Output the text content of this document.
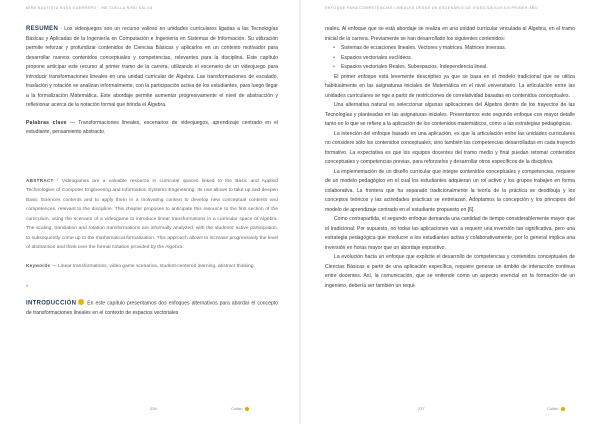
MIRE BAUTISTA SILVA GUERRERO · INE ZUELLA NIÑO SALOA

RESUMEN · Los videojuegos son un recurso valioso en unidades curriculares ligadas a las Tecnologías Básicas y Aplicadas de la Ingeniería en Computación e Ingeniería en Sistemas de Información. Su utilización permite reforzar y profundizar contenidos de Ciencias Básicas y aplicarlos en un contexto motivador para desarrollar nuevos contenidos conceptuales y competencias, relevantes para la disciplina. Este capítulo propone anticipar este recurso al primer tramo de la carrera, utilizando el escenario de un videojuego para introducir transformaciones lineales en una unidad curricular de Álgebra. Las transformaciones de escalado, traslación y rotación se analizan informalmente, con la participación activa de los estudiantes, para luego llegar a la formalización Matemática. Este abordaje permite aumentar progresivamente el nivel de abstracción y reflexionar acerca de la notación formal que brinda el Álgebra.

Palabras clave — Transformaciones lineales, escenarios de videojuegos, aprendizaje centrado en el estudiante, pensamiento abstracto.

ABSTRACT · Videogames are a valuable resource in curricular spaces linked to the Basic and Applied Technologies of Computer Engineering and Information Systems Engineering. Its use allows to take up and deepen Basic Sciences contents and to apply them in a motivating context to develop new conceptual contents and competences, relevant to the discipline. This chapter proposes to anticipate this resource to the first section of the curriculum, using the scenario of a videogame to introduce linear transformations in a curricular space of Algebra. The scaling, translation and rotation transformations are informally analyzed, with the students' active participation, to subsequently come up to the mathematical formalization. This approach allows to increase progressively the level of abstraction and think over the formal notation provided by the Algebra.

Keywords — Linear transformations, video game scenarios, student-centered learning, abstract thinking.

*

INTRODUCCIÓN En este capítulo presentamos dos enfoques alternativos para abordar el concepto de transformaciones lineales en el contexto de espacios vectoriales

236	Colibrí
ENFOQUE PARA COMPETENCIAS LINEALES DESDE UN ESCENARIO DE VIDEOJUEGOS EN PRIMER AÑO

reales. Al enfoque que se está abordaje se realiza en una unidad curricular vinculada al Álgebra, en el tramo inicial de la carrera. Previamente se han desarrollado los siguientes contenidos:

• Sistemas de ecuaciones lineales. Vectores y matrices. Matrices inversas.
• Espacios vectoriales euclídeos.
• Espacios vectoriales Reales. Subespacios. Independencia lineal.

El primer enfoque está levemente descriptivo ya que se basa en el modelo tradicional que se utiliza habitualmente en las asignaturas iniciales de Matemática en el nivel universitario. La articulación entre las unidades curriculares se rige a partir de restricciones de correlatividad basadas en contenidos conceptuales.

Una alternativa natural es seleccionar algunas aplicaciones del Álgebra dentro de los trayectos de las Tecnologías y planteadas en las asignaturas iniciales. Presentamos este segundo enfoque con mayor detalle tanto en lo que se refiere a la aplicación de los contenidos matemáticos, como a las estrategias pedagógicas.

La intención del enfoque basado en una aplicación, es que la articulación entre las unidades curriculares no considere sólo los contenidos conceptuales, sino también las competencias desarrolladas en cada trayecto formativo. La expectativa es que los equipos docentes del tramo medio y final puedan retomar contenidos conceptuales y competencias previas, para reforzarlos y desarrollar otros específicos de la disciplina.

La implementación de un diseño curricular que integre contenidos conceptuales y competencias, requiere de un modelo pedagógico en el cual los estudiantes adquieran un rol activo y los grupos trabajen en forma colaborativa. La frontera que ha separado tradicionalmente la teoría de la práctica se desdibuja y los conceptos teóricos y las actividades prácticas se entrelazan. Adoptamos la concepción y los principios del modelo de aprendizaje centrado en el estudiante propuesto en [6].

Como contrapartida, el segundo enfoque demanda una cantidad de tiempo considerablemente mayor que el tradicional. Por supuesto, no todas las aplicaciones van a requerir una inversión tan significativa, pero una estrategia pedagógica que involucre a los estudiantes activa y colaborativamente, por lo general implica una inversión en horas mayor que un abordaje expositivo.

La evolución hacia un enfoque que explicite el desarrollo de competencias y contenidos conceptuales de Ciencias Básicas a partir de una aplicación específica, requiere generar un ámbito de interacción continua entre docentes. Así, la comunicación, que se entiende como un aspecto esencial en la formación de un ingeniero, debería ser también un requi-

237	Colibrí
